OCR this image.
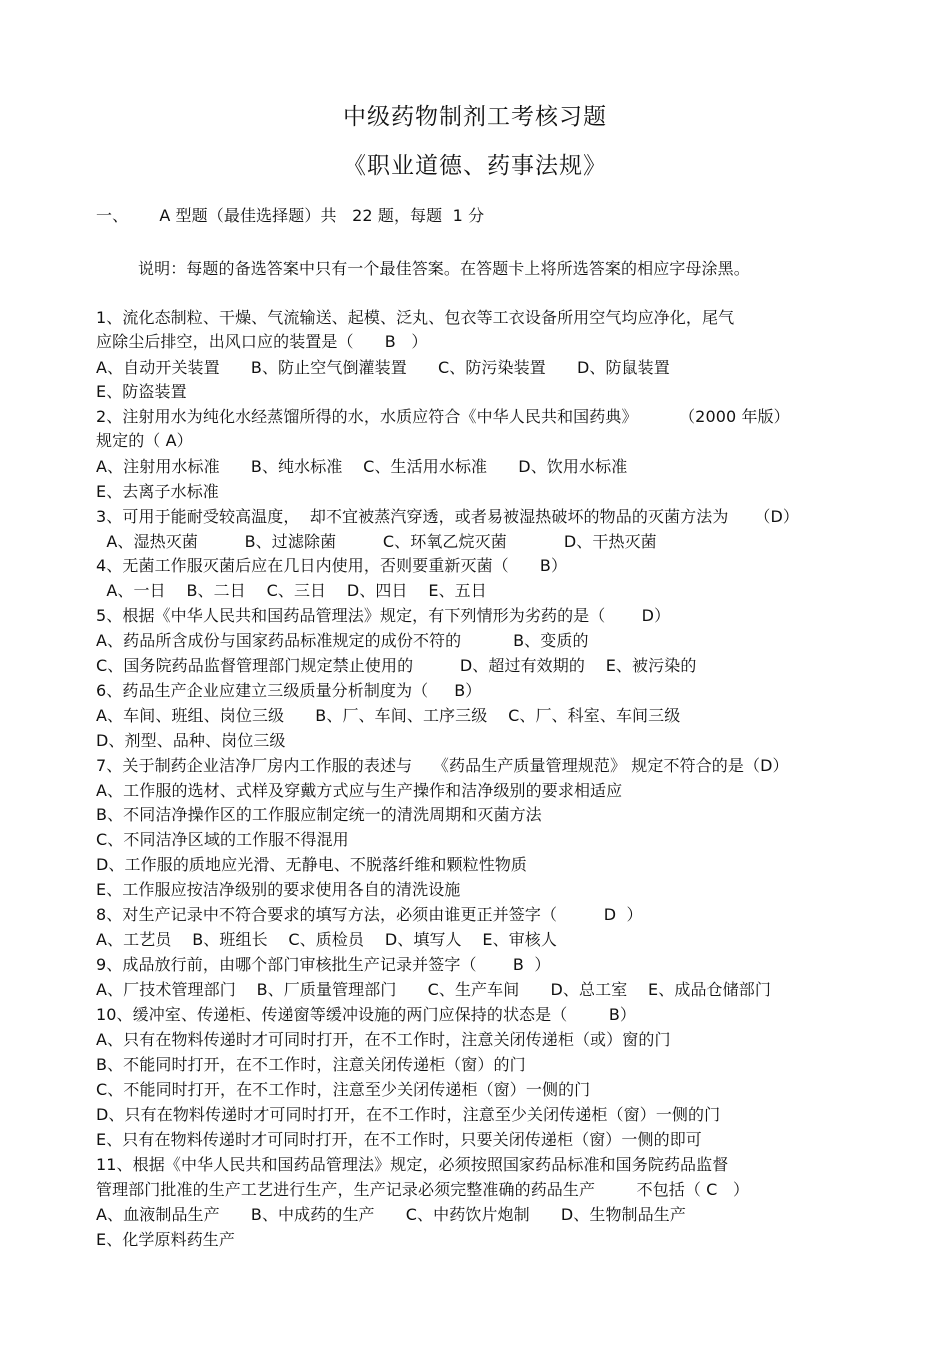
中级药物制剂工考核习题
《职业道德、药事法规》
一、      A 型题（最佳选择题）共   22 题，每题  1 分
说明：每题的备选答案中只有一个最佳答案。在答题卡上将所选答案的相应字母涂黑。
1、流化态制粒、干燥、气流输送、起模、泛丸、包衣等工衣设备所用空气均应净化，尾气
应除尘后排空，出风口应的装置是（      B   ）
A、自动开关装置      B、防止空气倒灌装置      C、防污染装置      D、防鼠装置
E、防盗装置
2、注射用水为纯化水经蒸馏所得的水，水质应符合《中华人民共和国药典》        （2000 年版）
规定的（ A）
A、注射用水标准      B、纯水标准    C、生活用水标准      D、饮用水标准
E、去离子水标准
3、可用于能耐受较高温度，  却不宜被蒸汽穿透，或者易被湿热破坏的物品的灭菌方法为     （D）
A、湿热灭菌         B、过滤除菌         C、环氧乙烷灭菌           D、干热灭菌
4、无菌工作服灭菌后应在几日内使用，否则要重新灭菌（      B）
A、一日    B、二日    C、三日    D、四日    E、五日
5、根据《中华人民共和国药品管理法》规定，有下列情形为劣药的是（       D）
A、药品所含成份与国家药品标准规定的成份不符的          B、变质的
C、国务院药品监督管理部门规定禁止使用的         D、超过有效期的    E、被污染的
6、药品生产企业应建立三级质量分析制度为（     B）
A、车间、班组、岗位三级      B、厂、车间、工序三级    C、厂、科室、车间三级
D、剂型、品种、岗位三级
7、关于制药企业洁净厂房内工作服的表述与    《药品生产质量管理规范》 规定不符合的是（D）
A、工作服的选材、式样及穿戴方式应与生产操作和洁净级别的要求相适应
B、不同洁净操作区的工作服应制定统一的清洗周期和灭菌方法
C、不同洁净区域的工作服不得混用
D、工作服的质地应光滑、无静电、不脱落纤维和颗粒性物质
E、工作服应按洁净级别的要求使用各自的清洗设施
8、对生产记录中不符合要求的填写方法，必须由谁更正并签字（         D  ）
A、工艺员    B、班组长    C、质检员    D、填写人    E、审核人
9、成品放行前，由哪个部门审核批生产记录并签字（       B  ）
A、厂技术管理部门    B、厂质量管理部门      C、生产车间      D、总工室    E、成品仓储部门
10、缓冲室、传递柜、传递窗等缓冲设施的两门应保持的状态是（        B）
A、只有在物料传递时才可同时打开，在不工作时，注意关闭传递柜（或）窗的门
B、不能同时打开，在不工作时，注意关闭传递柜（窗）的门
C、不能同时打开，在不工作时，注意至少关闭传递柜（窗）一侧的门
D、只有在物料传递时才可同时打开，在不工作时，注意至少关闭传递柜（窗）一侧的门
E、只有在物料传递时才可同时打开，在不工作时，只要关闭传递柜（窗）一侧的即可
11、根据《中华人民共和国药品管理法》规定，必须按照国家药品标准和国务院药品监督
管理部门批准的生产工艺进行生产，生产记录必须完整准确的药品生产        不包括（ C   ）
A、血液制品生产      B、中成药的生产      C、中药饮片炮制      D、生物制品生产
E、化学原料药生产
